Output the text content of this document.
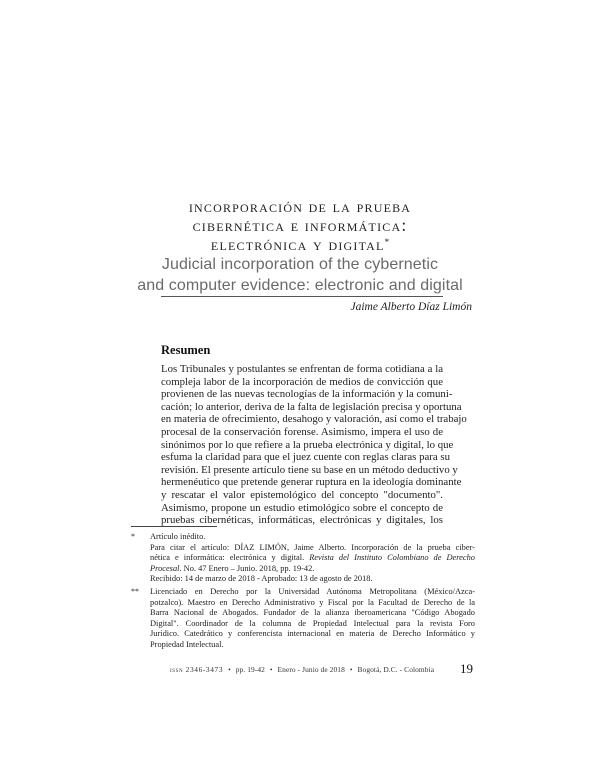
incorporación de la prueba
cibernética e informática:
electrónica y digital*
Judicial incorporation of the cybernetic
and computer evidence: electronic and digital
Jaime Alberto Díaz Limón
Resumen
Los Tribunales y postulantes se enfrentan de forma cotidiana a la
compleja labor de la incorporación de medios de convicción que
provienen de las nuevas tecnologías de la información y la comuni-
cación; lo anterior, deriva de la falta de legislación precisa y oportuna
en materia de ofrecimiento, desahogo y valoración, así como el trabajo
procesal de la conservación forense. Asimismo, impera el uso de
sinónimos por lo que refiere a la prueba electrónica y digital, lo que
esfuma la claridad para que el juez cuente con reglas claras para su
revisión. El presente artículo tiene su base en un método deductivo y
hermenéutico que pretende generar ruptura en la ideología dominante
y rescatar el valor epistemológico del concepto "documento".
Asimismo, propone un estudio etimológico sobre el concepto de
pruebas cibernéticas, informáticas, electrónicas y digitales, los
* Artículo inédito.
Para citar el artículo: DÍAZ LIMÓN, Jaime Alberto. Incorporación de la prueba ciber-
nética e informática: electrónica y digital. Revista del Instituto Colombiano de Derecho
Procesal. No. 47 Enero – Junio. 2018, pp. 19-42.
Recibido: 14 de marzo de 2018 - Aprobado: 13 de agosto de 2018.
** Licenciado en Derecho por la Universidad Autónoma Metropolitana (México/Azca-
potzalco). Maestro en Derecho Administrativo y Fiscal por la Facultad de Derecho de la
Barra Nacional de Abogados. Fundador de la alianza iberoamericana "Código Abogado
Digital". Coordinador de la columna de Propiedad Intelectual para la revista Foro
Jurídico. Catedrático y conferencista internacional en materia de Derecho Informático y
Propiedad Intelectual.
issn 2346-3473 • pp. 19-42 • Enero - Junio de 2018 • Bogotá, D.C. - Colombia 19
